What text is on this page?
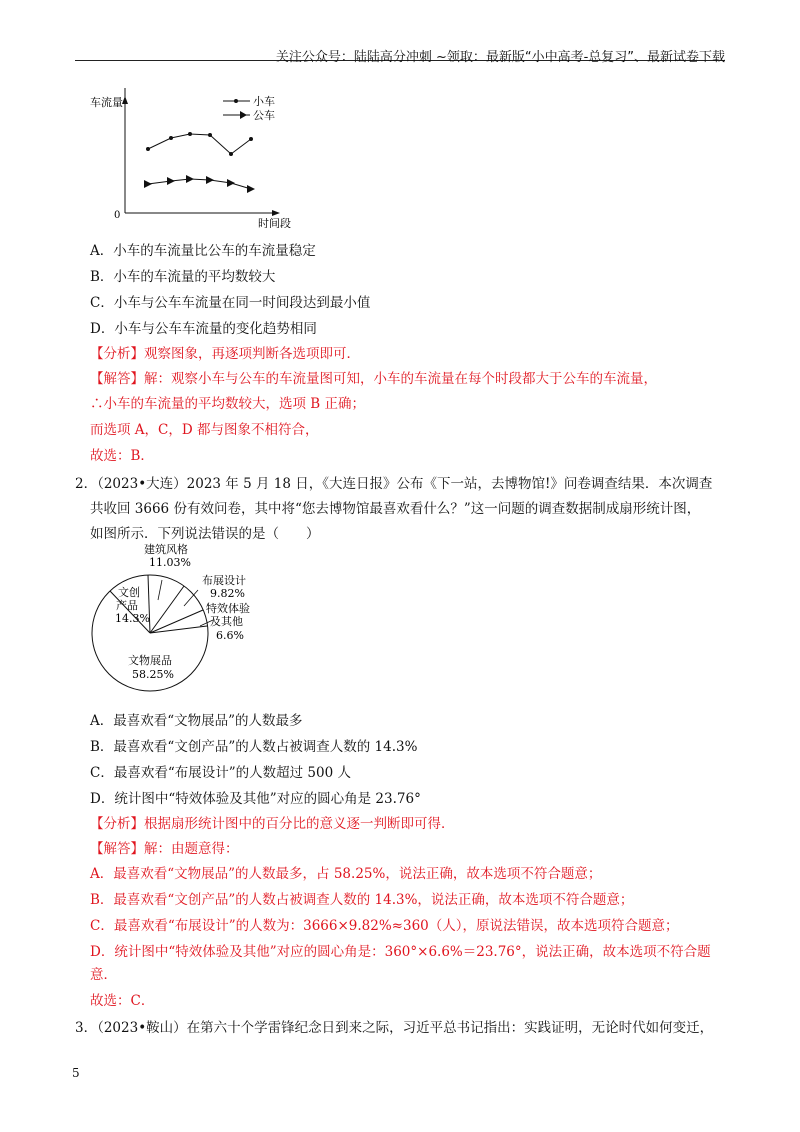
关注公众号：陆陆高分冲刺 ~领取：最新版“小中高考-总复习”、最新试卷下载
车流量
0
时间段
小车
公车
A．小车的车流量比公车的车流量稳定
B．小车的车流量的平均数较大
C．小车与公车车流量在同一时间段达到最小值
D．小车与公车车流量的变化趋势相同
【分析】观察图象，再逐项判断各选项即可．
【解答】解：观察小车与公车的车流量图可知，小车的车流量在每个时段都大于公车的车流量，
∴小车的车流量的平均数较大，选项 B 正确；
而选项 A，C，D 都与图象不相符合，
故选：B．
2．（2023•大连）2023 年 5 月 18 日，《大连日报》公布《下一站，去博物馆!》问卷调查结果．本次调查
共收回 3666 份有效问卷，其中将“您去博物馆最喜欢看什么？”这一问题的调查数据制成扇形统计图，
如图所示．下列说法错误的是（　　）
建筑风格
11.03%
布展设计
9.82%
特效体验
及其他
6.6%
文创
产品
14.3%
文物展品
58.25%
A．最喜欢看“文物展品”的人数最多
B．最喜欢看“文创产品”的人数占被调查人数的 14.3%
C．最喜欢看“布展设计”的人数超过 500 人
D．统计图中“特效体验及其他”对应的圆心角是 23.76°
【分析】根据扇形统计图中的百分比的意义逐一判断即可得．
【解答】解：由题意得：
A．最喜欢看“文物展品”的人数最多，占 58.25%，说法正确，故本选项不符合题意；
B．最喜欢看“文创产品”的人数占被调查人数的 14.3%，说法正确，故本选项不符合题意；
C．最喜欢看“布展设计”的人数为：3666×9.82%≈360（人），原说法错误，故本选项符合题意；
D．统计图中“特效体验及其他”对应的圆心角是：360°×6.6%＝23.76°，说法正确，故本选项不符合题
意．
故选：C．
3．（2023•鞍山）在第六十个学雷锋纪念日到来之际，习近平总书记指出：实践证明，无论时代如何变迁，
5
